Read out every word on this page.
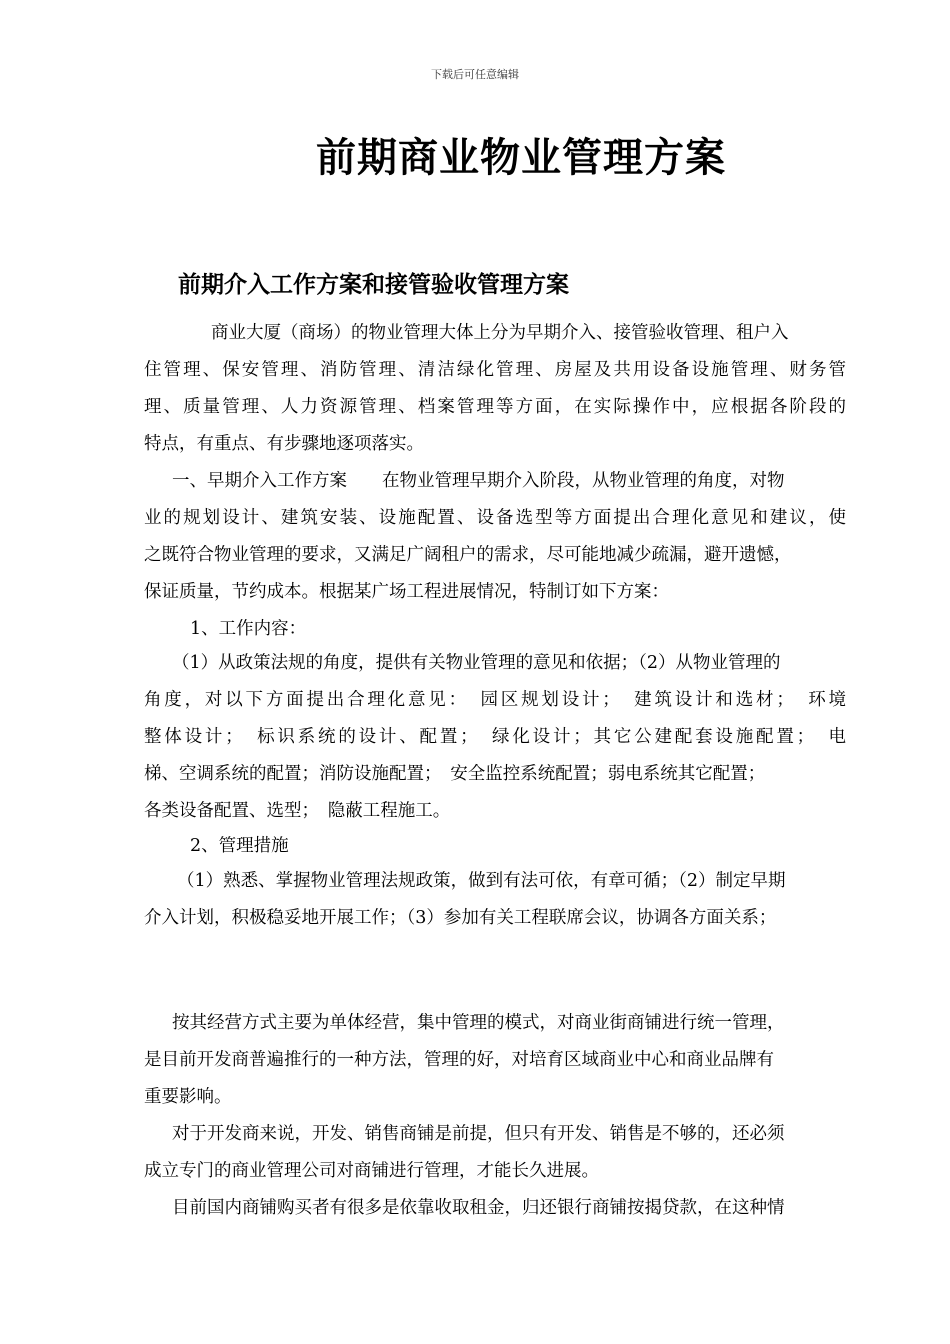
下载后可任意编辑
前期商业物业管理方案
前期介入工作方案和接管验收管理方案
商业大厦（商场）的物业管理大体上分为早期介入、接管验收管理、租户入
住管理、保安管理、消防管理、清洁绿化管理、房屋及共用设备设施管理、财务管
理、质量管理、人力资源管理、档案管理等方面，在实际操作中，应根据各阶段的
特点，有重点、有步骤地逐项落实。
一、早期介入工作方案　　在物业管理早期介入阶段，从物业管理的角度，对物
业的规划设计、建筑安装、设施配置、设备选型等方面提出合理化意见和建议，使
之既符合物业管理的要求，又满足广阔租户的需求，尽可能地减少疏漏，避开遗憾，
保证质量，节约成本。根据某广场工程进展情况，特制订如下方案：
1、工作内容：
（1）从政策法规的角度，提供有关物业管理的意见和依据；（2）从物业管理的
角度，对以下方面提出合理化意见：　园区规划设计；　建筑设计和选材；　环境
整体设计；　标识系统的设计、配置；　绿化设计；其它公建配套设施配置；　电
梯、空调系统的配置；消防设施配置；　安全监控系统配置；弱电系统其它配置；
各类设备配置、选型；　隐蔽工程施工。
2、管理措施
（1）熟悉、掌握物业管理法规政策，做到有法可依，有章可循；（2）制定早期
介入计划，积极稳妥地开展工作；（3）参加有关工程联席会议，协调各方面关系；
按其经营方式主要为单体经营，集中管理的模式，对商业街商铺进行统一管理，
是目前开发商普遍推行的一种方法，管理的好，对培育区域商业中心和商业品牌有
重要影响。
对于开发商来说，开发、销售商铺是前提，但只有开发、销售是不够的，还必须
成立专门的商业管理公司对商铺进行管理，才能长久进展。
目前国内商铺购买者有很多是依靠收取租金，归还银行商铺按揭贷款，在这种情
